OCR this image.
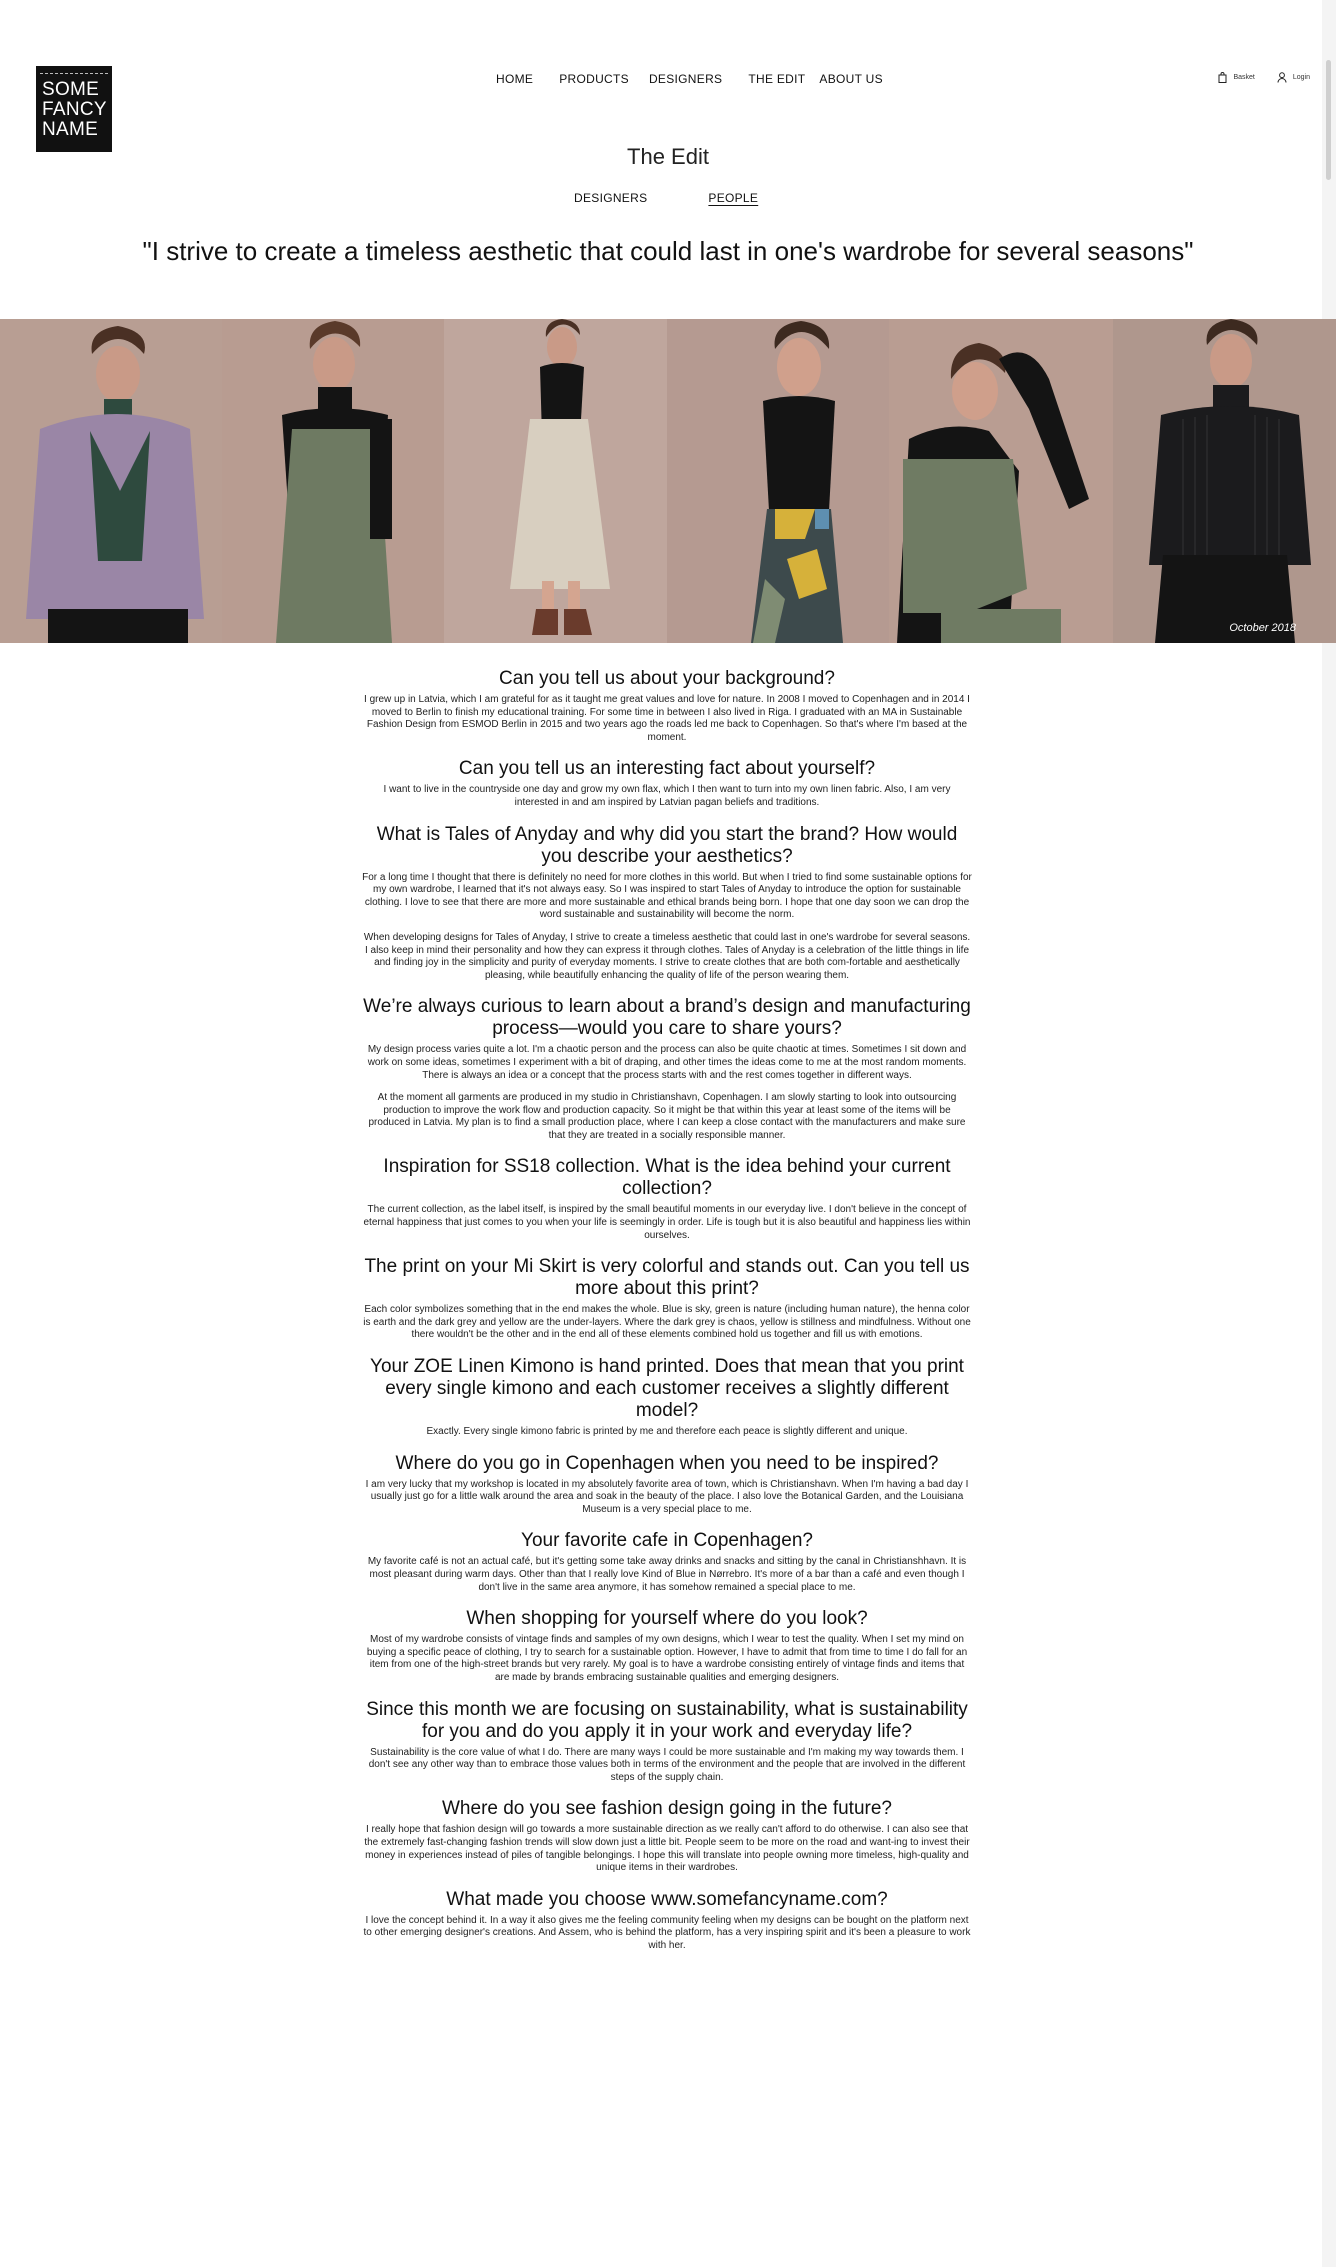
SOME
FANCY
NAME
HOME PRODUCTS DESIGNERS THE EDIT ABOUT US	Basket	Login
The Edit
DESIGNERS	PEOPLE
"I strive to create a timeless aesthetic that could last in one's wardrobe for several seasons"
October 2018
Can you tell us about your background?

I grew up in Latvia, which I am grateful for as it taught me great values and love for nature. In 2008 I moved to Copenhagen and in 2014 I moved to Berlin to finish my educational training. For some time in between I also lived in Riga. I graduated with an MA in Sustainable Fashion Design from ESMOD Berlin in 2015 and two years ago the roads led me back to Copenhagen. So that's where I'm based at the moment.

Can you tell us an interesting fact about yourself?

I want to live in the countryside one day and grow my own flax, which I then want to turn into my own linen fabric. Also, I am very interested in and am inspired by Latvian pagan beliefs and traditions.

What is Tales of Anyday and why did you start the brand? How would you describe your aesthetics?

For a long time I thought that there is definitely no need for more clothes in this world. But when I tried to find some sustainable options for my own wardrobe, I learned that it's not always easy. So I was inspired to start Tales of Anyday to introduce the option for sustainable clothing. I love to see that there are more and more sustainable and ethical brands being born. I hope that one day soon we can drop the word sustainable and sustainability will become the norm.

When developing designs for Tales of Anyday, I strive to create a timeless aesthetic that could last in one's wardrobe for several seasons. I also keep in mind their personality and how they can express it through clothes. Tales of Anyday is a celebration of the little things in life and finding joy in the simplicity and purity of everyday moments. I strive to create clothes that are both com-fortable and aesthetically pleasing, while beautifully enhancing the quality of life of the person wearing them.

We’re always curious to learn about a brand’s design and manufacturing process—would you care to share yours?

My design process varies quite a lot. I'm a chaotic person and the process can also be quite chaotic at times. Sometimes I sit down and work on some ideas, sometimes I experiment with a bit of draping, and other times the ideas come to me at the most random moments. There is always an idea or a concept that the process starts with and the rest comes together in different ways.

At the moment all garments are produced in my studio in Christianshavn, Copenhagen. I am slowly starting to look into outsourcing production to improve the work flow and production capacity. So it might be that within this year at least some of the items will be produced in Latvia. My plan is to find a small production place, where I can keep a close contact with the manufacturers and make sure that they are treated in a socially responsible manner.

Inspiration for SS18 collection. What is the idea behind your current collection?

The current collection, as the label itself, is inspired by the small beautiful moments in our everyday live. I don't believe in the concept of eternal happiness that just comes to you when your life is seemingly in order. Life is tough but it is also beautiful and happiness lies within ourselves.

The print on your Mi Skirt is very colorful and stands out. Can you tell us more about this print?

Each color symbolizes something that in the end makes the whole. Blue is sky, green is nature (including human nature), the henna color is earth and the dark grey and yellow are the under-layers. Where the dark grey is chaos, yellow is stillness and mindfulness. Without one there wouldn't be the other and in the end all of these elements combined hold us together and fill us with emotions.

Your ZOE Linen Kimono is hand printed. Does that mean that you print every single kimono and each customer receives a slightly different model?

Exactly. Every single kimono fabric is printed by me and therefore each peace is slightly different and unique.

Where do you go in Copenhagen when you need to be inspired?

I am very lucky that my workshop is located in my absolutely favorite area of town, which is Christianshavn. When I'm having a bad day I usually just go for a little walk around the area and soak in the beauty of the place. I also love the Botanical Garden, and the Louisiana Museum is a very special place to me.

Your favorite cafe in Copenhagen?

My favorite café is not an actual café, but it's getting some take away drinks and snacks and sitting by the canal in Christianshhavn. It is most pleasant during warm days. Other than that I really love Kind of Blue in Nørrebro. It's more of a bar than a café and even though I don't live in the same area anymore, it has somehow remained a special place to me.

When shopping for yourself where do you look?

Most of my wardrobe consists of vintage finds and samples of my own designs, which I wear to test the quality. When I set my mind on buying a specific peace of clothing, I try to search for a sustainable option. However, I have to admit that from time to time I do fall for an item from one of the high-street brands but very rarely. My goal is to have a wardrobe consisting entirely of vintage finds and items that are made by brands embracing sustainable qualities and emerging designers.

Since this month we are focusing on sustainability, what is sustainability for you and do you apply it in your work and everyday life?

Sustainability is the core value of what I do. There are many ways I could be more sustainable and I'm making my way towards them. I don't see any other way than to embrace those values both in terms of the environment and the people that are involved in the different steps of the supply chain.

Where do you see fashion design going in the future?

I really hope that fashion design will go towards a more sustainable direction as we really can't afford to do otherwise. I can also see that the extremely fast-changing fashion trends will slow down just a little bit. People seem to be more on the road and want-ing to invest their money in experiences instead of piles of tangible belongings. I hope this will translate into people owning more timeless, high-quality and unique items in their wardrobes.

What made you choose www.somefancyname.com?

I love the concept behind it. In a way it also gives me the feeling community feeling when my designs can be bought on the platform next to other emerging designer's creations. And Assem, who is behind the platform, has a very inspiring spirit and it's been a pleasure to work with her.
